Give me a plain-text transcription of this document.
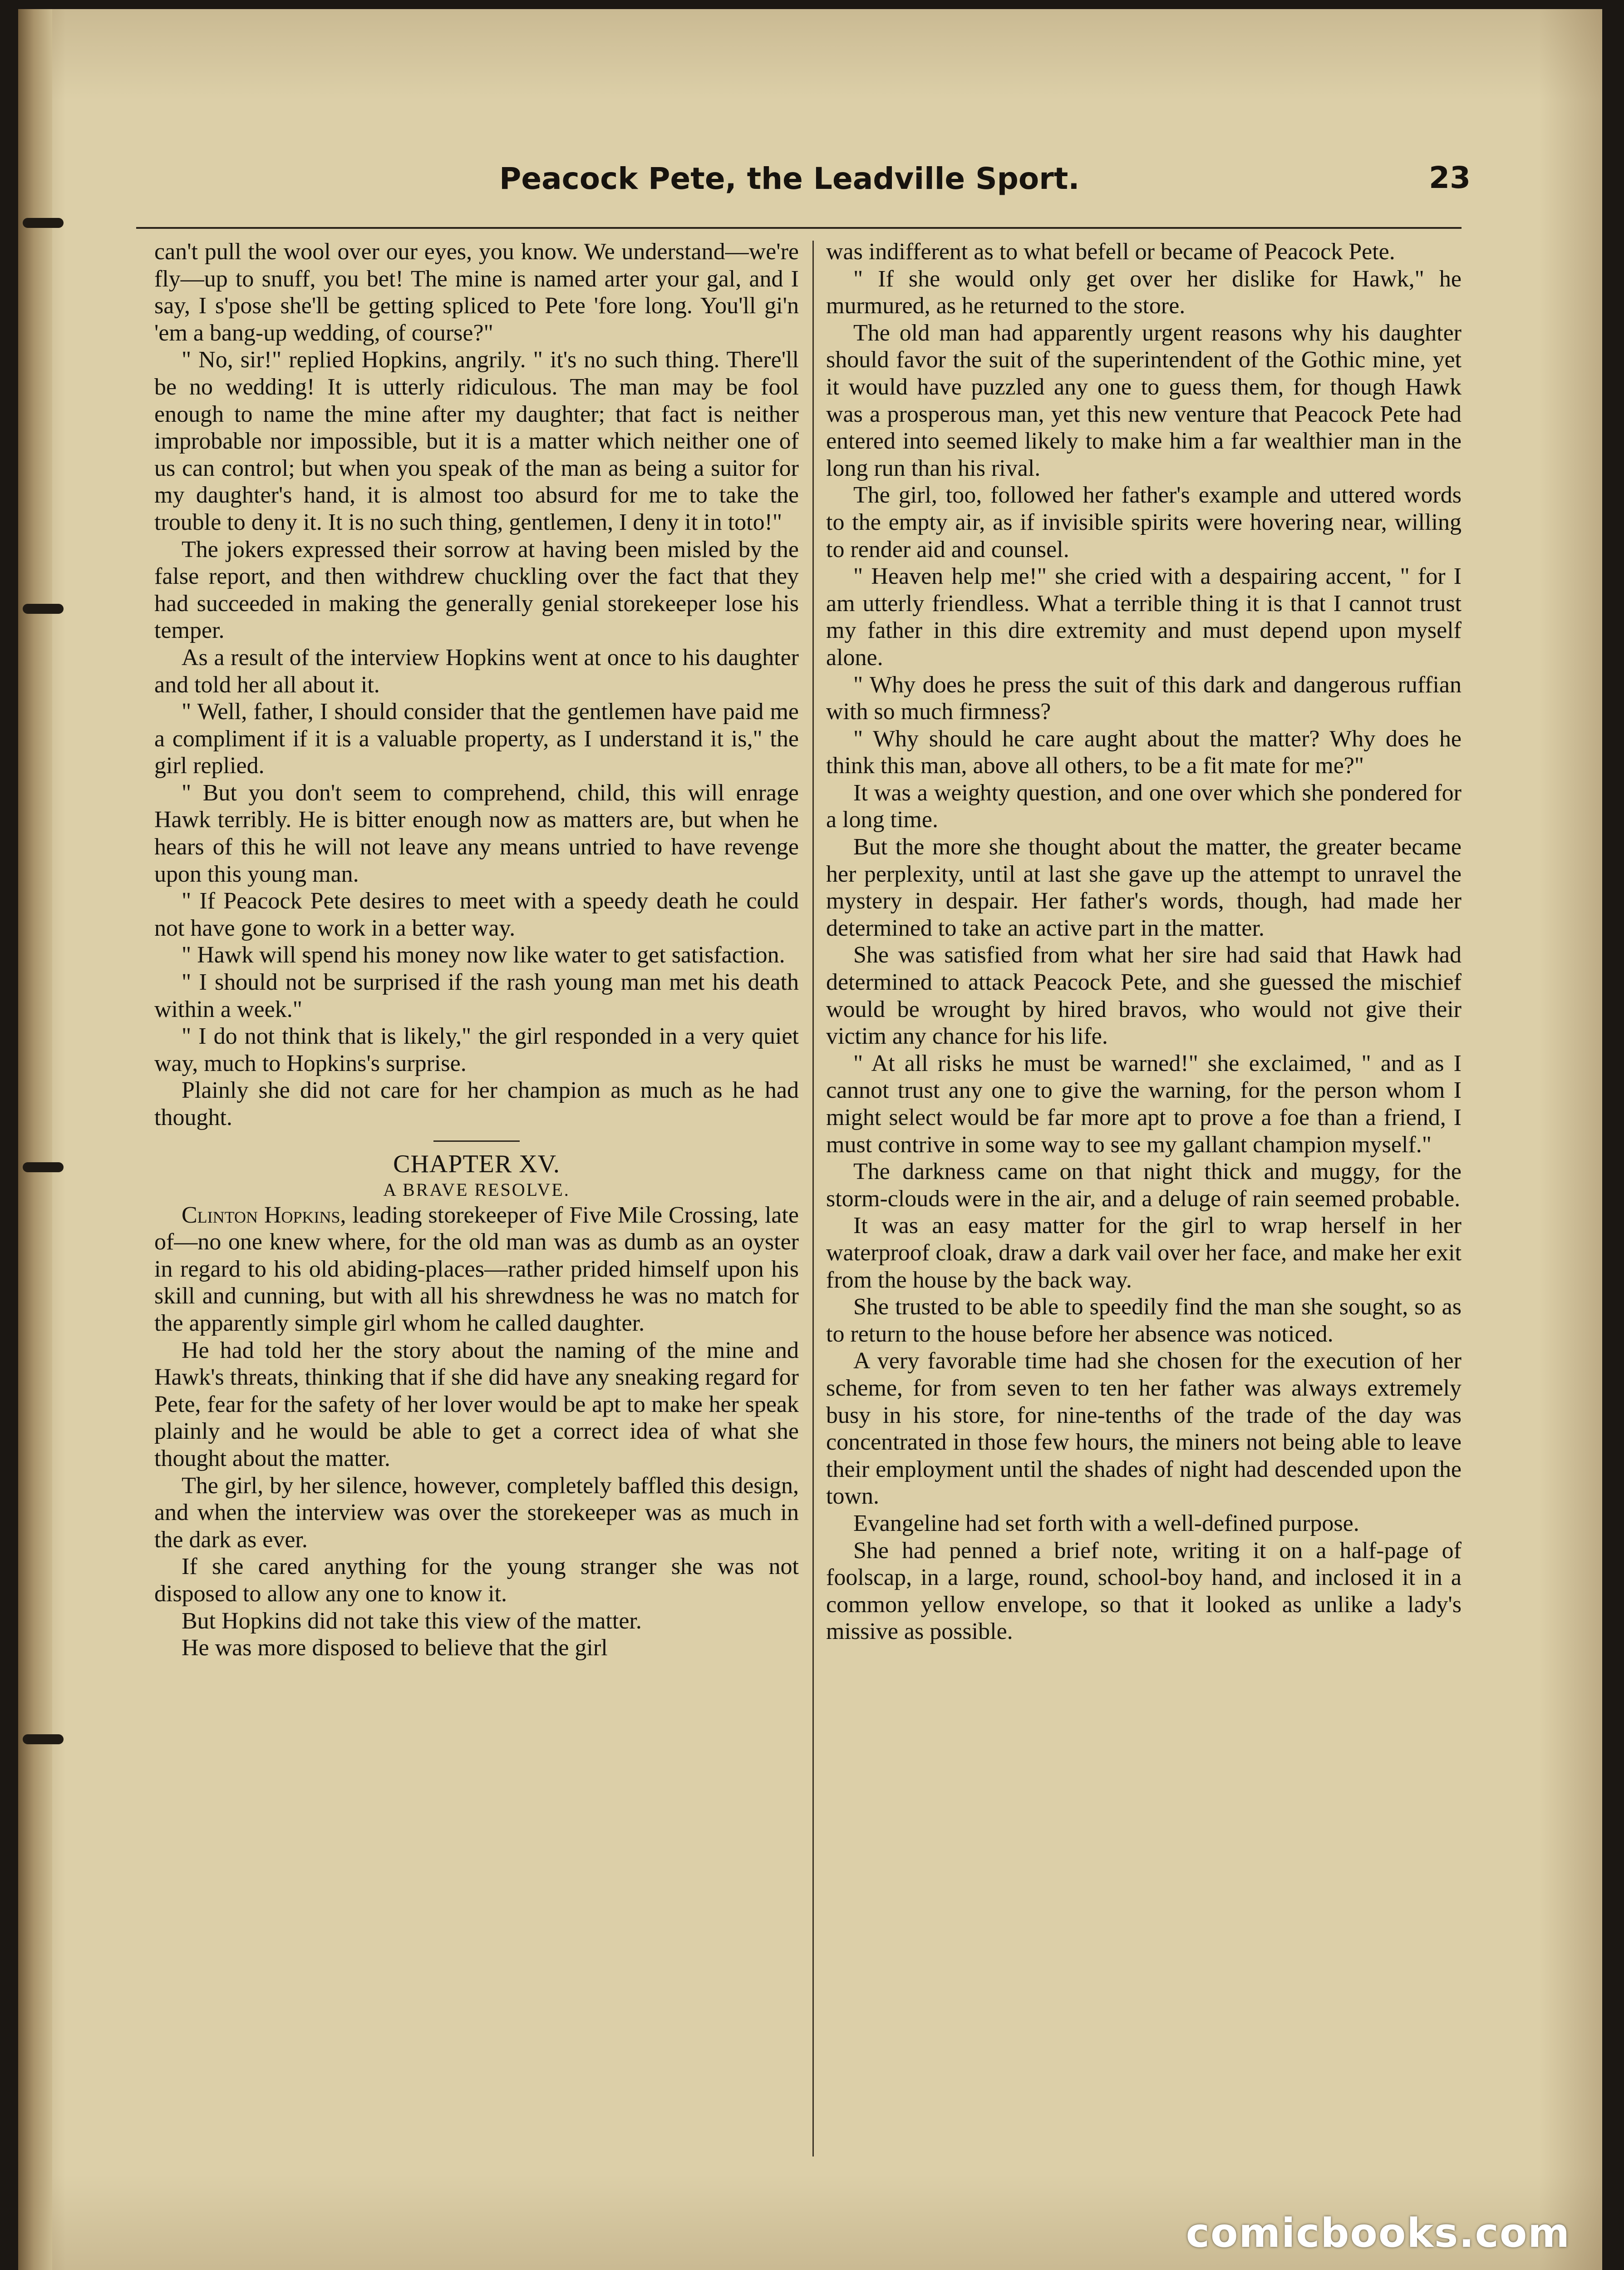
Peacock Pete, the Leadville Sport.	23

can't pull the wool over our eyes, you know. We understand—we're fly—up to snuff, you bet! The mine is named arter your gal, and I say, I s'pose she'll be getting spliced to Pete 'fore long. You'll gi'n 'em a bang-up wedding, of course?"

" No, sir!" replied Hopkins, angrily. " it's no such thing. There'll be no wedding! It is utterly ridiculous. The man may be fool enough to name the mine after my daughter; that fact is neither improbable nor impossible, but it is a matter which neither one of us can control; but when you speak of the man as being a suitor for my daughter's hand, it is almost too absurd for me to take the trouble to deny it. It is no such thing, gentlemen, I deny it in toto!"

The jokers expressed their sorrow at having been misled by the false report, and then withdrew chuckling over the fact that they had succeeded in making the generally genial storekeeper lose his temper.

As a result of the interview Hopkins went at once to his daughter and told her all about it.

" Well, father, I should consider that the gentlemen have paid me a compliment if it is a valuable property, as I understand it is," the girl replied.

" But you don't seem to comprehend, child, this will enrage Hawk terribly. He is bitter enough now as matters are, but when he hears of this he will not leave any means untried to have revenge upon this young man.

" If Peacock Pete desires to meet with a speedy death he could not have gone to work in a better way.

" Hawk will spend his money now like water to get satisfaction.

" I should not be surprised if the rash young man met his death within a week."

" I do not think that is likely," the girl responded in a very quiet way, much to Hopkins's surprise.

Plainly she did not care for her champion as much as he had thought.

CHAPTER XV.

A BRAVE RESOLVE.

Clinton Hopkins, leading storekeeper of Five Mile Crossing, late of—no one knew where, for the old man was as dumb as an oyster in regard to his old abiding-places—rather prided himself upon his skill and cunning, but with all his shrewdness he was no match for the apparently simple girl whom he called daughter.

He had told her the story about the naming of the mine and Hawk's threats, thinking that if she did have any sneaking regard for Pete, fear for the safety of her lover would be apt to make her speak plainly and he would be able to get a correct idea of what she thought about the matter.

The girl, by her silence, however, completely baffled this design, and when the interview was over the storekeeper was as much in the dark as ever.

If she cared anything for the young stranger she was not disposed to allow any one to know it.

But Hopkins did not take this view of the matter.

He was more disposed to believe that the girl

was indifferent as to what befell or became of Peacock Pete.

" If she would only get over her dislike for Hawk," he murmured, as he returned to the store.

The old man had apparently urgent reasons why his daughter should favor the suit of the superintendent of the Gothic mine, yet it would have puzzled any one to guess them, for though Hawk was a prosperous man, yet this new venture that Peacock Pete had entered into seemed likely to make him a far wealthier man in the long run than his rival.

The girl, too, followed her father's example and uttered words to the empty air, as if invisible spirits were hovering near, willing to render aid and counsel.

" Heaven help me!" she cried with a despairing accent, " for I am utterly friendless. What a terrible thing it is that I cannot trust my father in this dire extremity and must depend upon myself alone.

" Why does he press the suit of this dark and dangerous ruffian with so much firmness?

" Why should he care aught about the matter? Why does he think this man, above all others, to be a fit mate for me?"

It was a weighty question, and one over which she pondered for a long time.

But the more she thought about the matter, the greater became her perplexity, until at last she gave up the attempt to unravel the mystery in despair. Her father's words, though, had made her determined to take an active part in the matter.

She was satisfied from what her sire had said that Hawk had determined to attack Peacock Pete, and she guessed the mischief would be wrought by hired bravos, who would not give their victim any chance for his life.

" At all risks he must be warned!" she exclaimed, " and as I cannot trust any one to give the warning, for the person whom I might select would be far more apt to prove a foe than a friend, I must contrive in some way to see my gallant champion myself."

The darkness came on that night thick and muggy, for the storm-clouds were in the air, and a deluge of rain seemed probable.

It was an easy matter for the girl to wrap herself in her waterproof cloak, draw a dark vail over her face, and make her exit from the house by the back way.

She trusted to be able to speedily find the man she sought, so as to return to the house before her absence was noticed.

A very favorable time had she chosen for the execution of her scheme, for from seven to ten her father was always extremely busy in his store, for nine-tenths of the trade of the day was concentrated in those few hours, the miners not being able to leave their employment until the shades of night had descended upon the town.

Evangeline had set forth with a well-defined purpose.

She had penned a brief note, writing it on a half-page of foolscap, in a large, round, school-boy hand, and inclosed it in a common yellow envelope, so that it looked as unlike a lady's missive as possible.

comicbooks.com
